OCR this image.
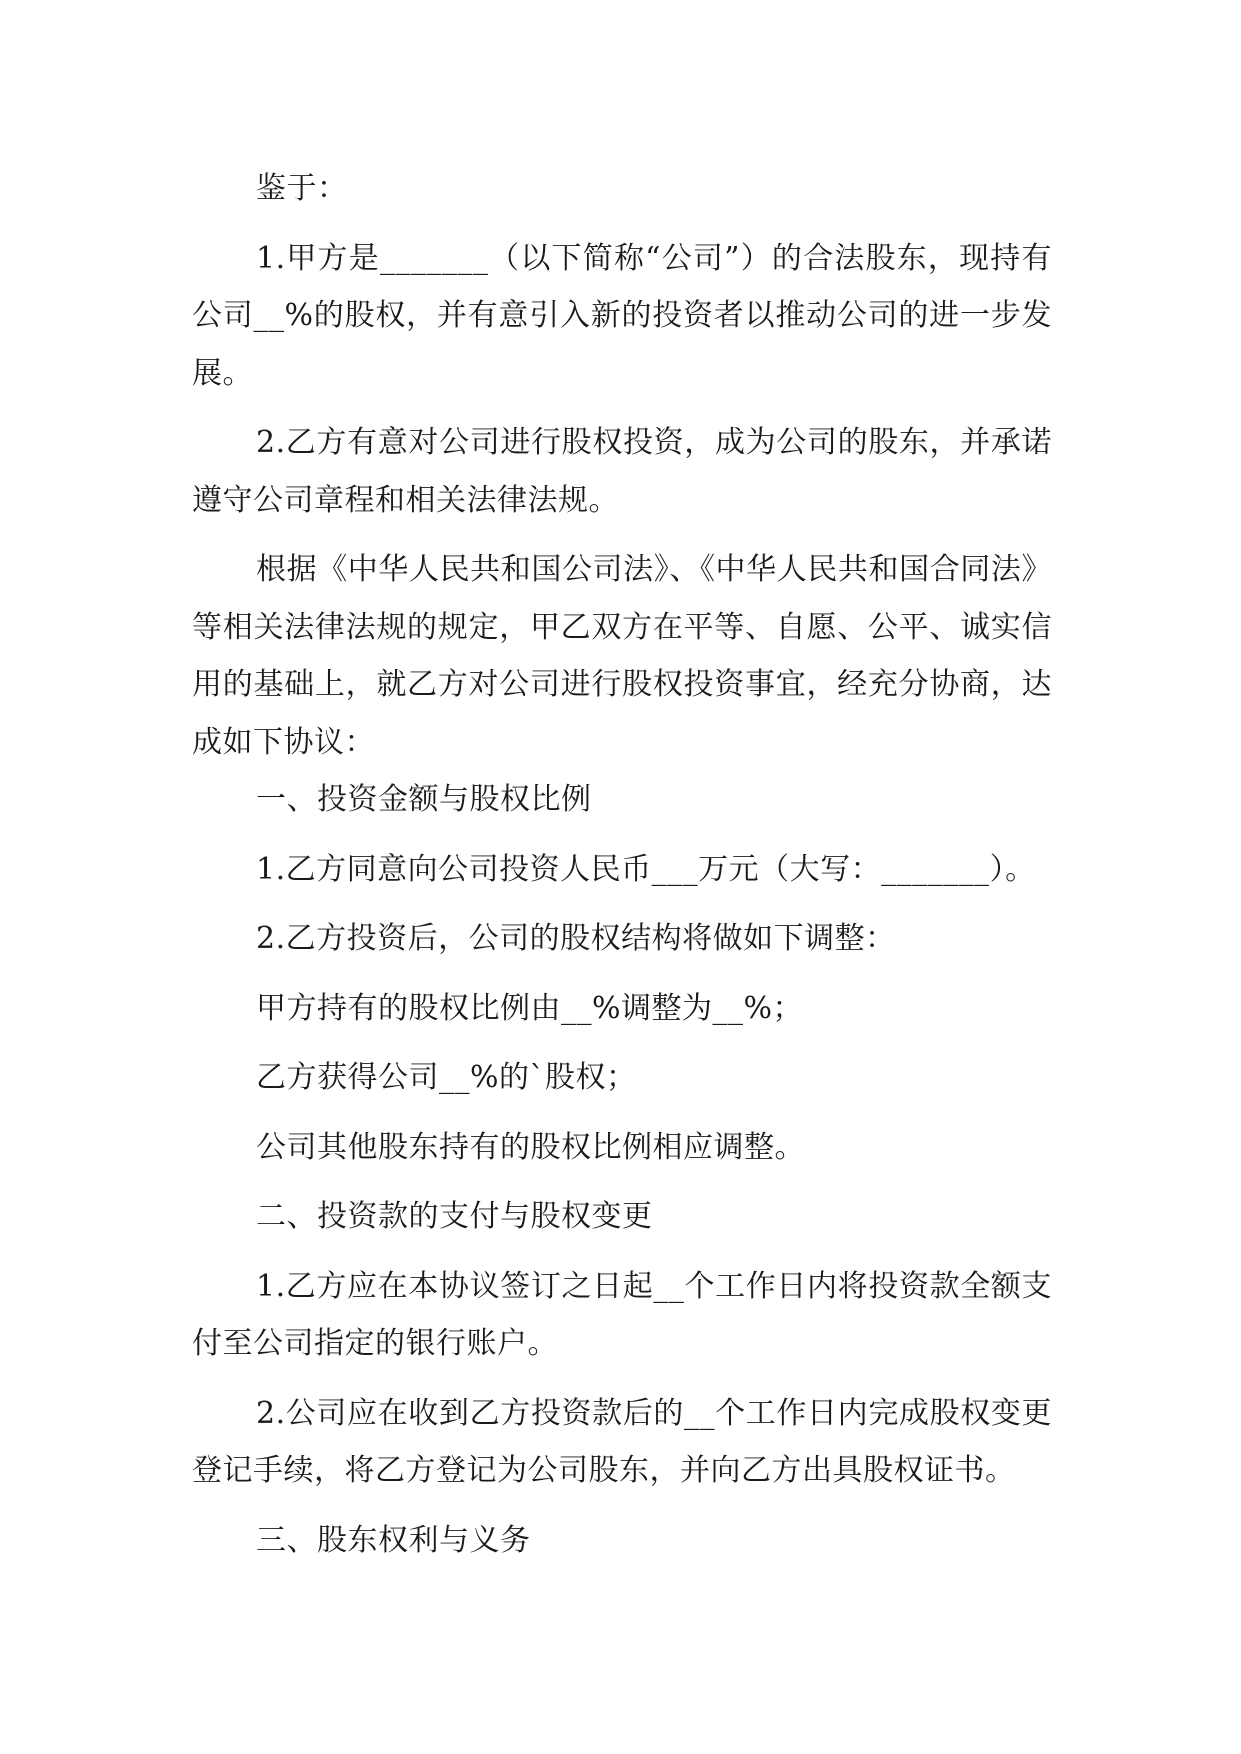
鉴于：

1.甲方是_______（以下简称“公司”）的合法股东，现持有公司__%的股权，并有意引入新的投资者以推动公司的进一步发展。

2.乙方有意对公司进行股权投资，成为公司的股东，并承诺遵守公司章程和相关法律法规。

根据《中华人民共和国公司法》、《中华人民共和国合同法》等相关法律法规的规定，甲乙双方在平等、自愿、公平、诚实信用的基础上，就乙方对公司进行股权投资事宜，经充分协商，达成如下协议：

一、投资金额与股权比例

1.乙方同意向公司投资人民币___万元（大写：_______）。

2.乙方投资后，公司的股权结构将做如下调整：

甲方持有的股权比例由__%调整为__%；

乙方获得公司__%的`股权；

公司其他股东持有的股权比例相应调整。

二、投资款的支付与股权变更

1.乙方应在本协议签订之日起__个工作日内将投资款全额支付至公司指定的银行账户。

2.公司应在收到乙方投资款后的__个工作日内完成股权变更登记手续，将乙方登记为公司股东，并向乙方出具股权证书。

三、股东权利与义务
